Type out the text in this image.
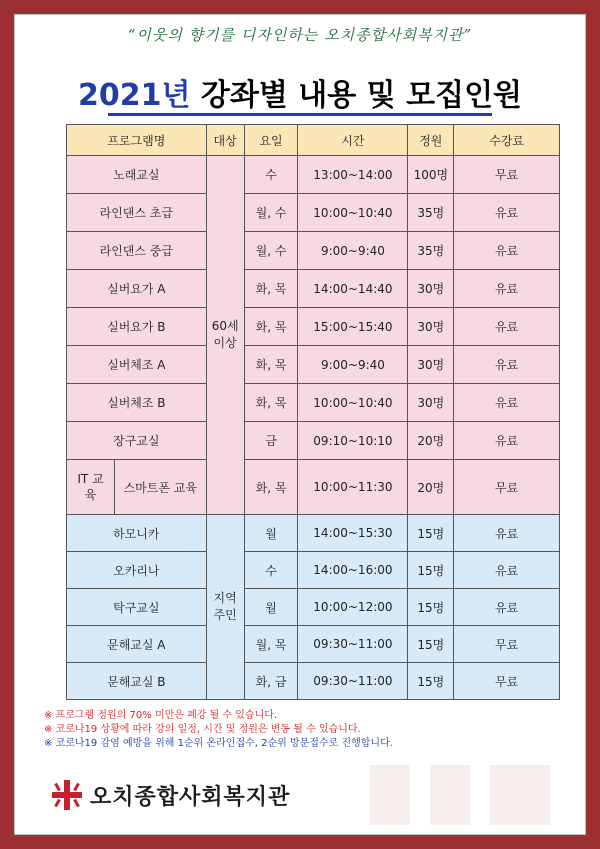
“이웃의 향기를 디자인하는 오치종합사회복지관”
2021년 강좌별 내용 및 모집인원
프로그램명		대상	요일	시간	정원	수강료
노래교실		60세 이상	수	13:00~14:00	100명	무료
라인댄스 초급			월, 수	10:00~10:40	35명	유료
라인댄스 중급			월, 수	9:00~9:40	35명	유료
실버요가 A			화, 목	14:00~14:40	30명	유료
실버요가 B			화, 목	15:00~15:40	30명	유료
실버체조 A			화, 목	9:00~9:40	30명	유료
실버체조 B			화, 목	10:00~10:40	30명	유료
장구교실			금	09:10~10:10	20명	유료
IT 교육	스마트폰 교육		화, 목	10:00~11:30	20명	무료
하모니카		지역 주민	월	14:00~15:30	15명	유료
오카리나			수	14:00~16:00	15명	유료
탁구교실			월	10:00~12:00	15명	유료
문해교실 A			월, 목	09:30~11:00	15명	무료
문해교실 B			화, 금	09:30~11:00	15명	무료
※ 프로그램 정원의 70% 미만은 폐강 될 수 있습니다.
※ 코로나19 상황에 따라 강의 일정, 시간 및 정원은 변동 될 수 있습니다.
※ 코로나19 감염 예방을 위해 1순위 온라인접수, 2순위 방문접수로 진행합니다.
오치종합사회복지관
